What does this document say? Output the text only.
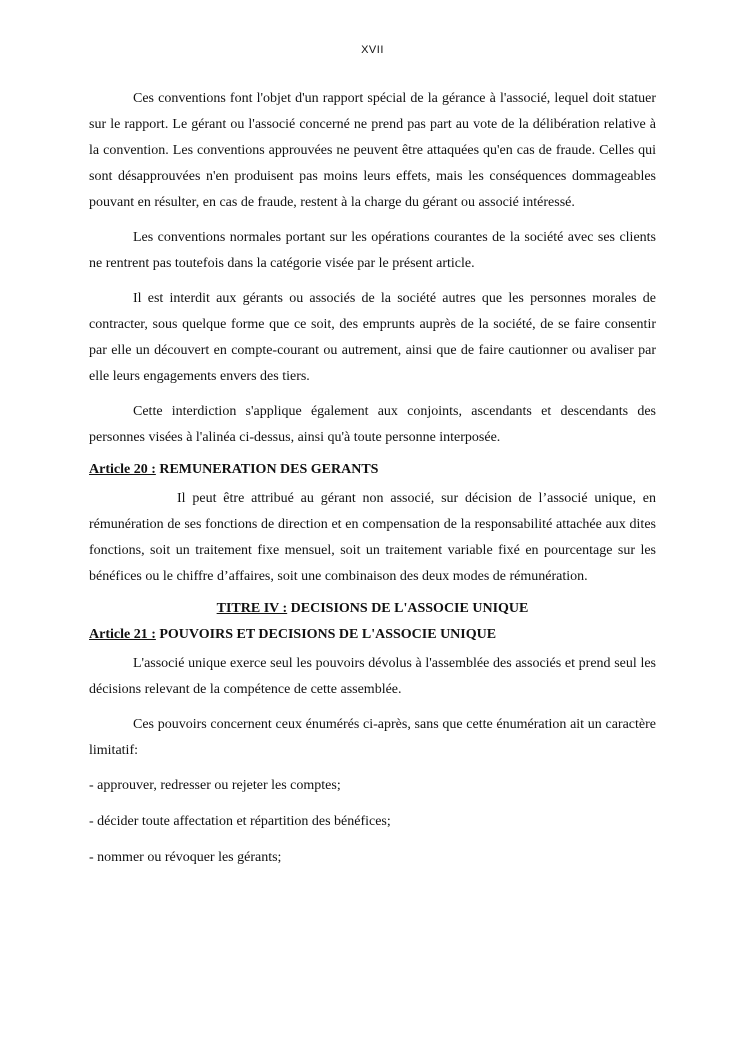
XVII

Ces conventions font l'objet d'un rapport spécial de la gérance à l'associé, lequel doit statuer sur le rapport. Le gérant ou l'associé concerné ne prend pas part au vote de la délibération relative à la convention. Les conventions approuvées ne peuvent être attaquées qu'en cas de fraude. Celles qui sont désapprouvées n'en produisent pas moins leurs effets, mais les conséquences dommageables pouvant en résulter, en cas de fraude, restent à la charge du gérant ou associé intéressé.

Les conventions normales portant sur les opérations courantes de la société avec ses clients ne rentrent pas toutefois dans la catégorie visée par le présent article.

Il est interdit aux gérants ou associés de la société autres que les personnes morales de contracter, sous quelque forme que ce soit, des emprunts auprès de la société, de se faire consentir par elle un découvert en compte-courant ou autrement, ainsi que de faire cautionner ou avaliser par elle leurs engagements envers des tiers.

Cette interdiction s'applique également aux conjoints, ascendants et descendants des personnes visées à l'alinéa ci-dessus, ainsi qu'à toute personne interposée.

Article 20 : REMUNERATION DES GERANTS

Il peut être attribué au gérant non associé, sur décision de l’associé unique, en rémunération de ses fonctions de direction et en compensation de la responsabilité attachée aux dites fonctions, soit un traitement fixe mensuel, soit un traitement variable fixé en pourcentage sur les bénéfices ou le chiffre d’affaires, soit une combinaison des deux modes de rémunération.

TITRE IV : DECISIONS DE L'ASSOCIE UNIQUE
Article 21 : POUVOIRS ET DECISIONS DE L'ASSOCIE UNIQUE

L'associé unique exerce seul les pouvoirs dévolus à l'assemblée des associés et prend seul les décisions relevant de la compétence de cette assemblée.

Ces pouvoirs concernent ceux énumérés ci-après, sans que cette énumération ait un caractère limitatif:

- approuver, redresser ou rejeter les comptes;

- décider toute affectation et répartition des bénéfices;

- nommer ou révoquer les gérants;
